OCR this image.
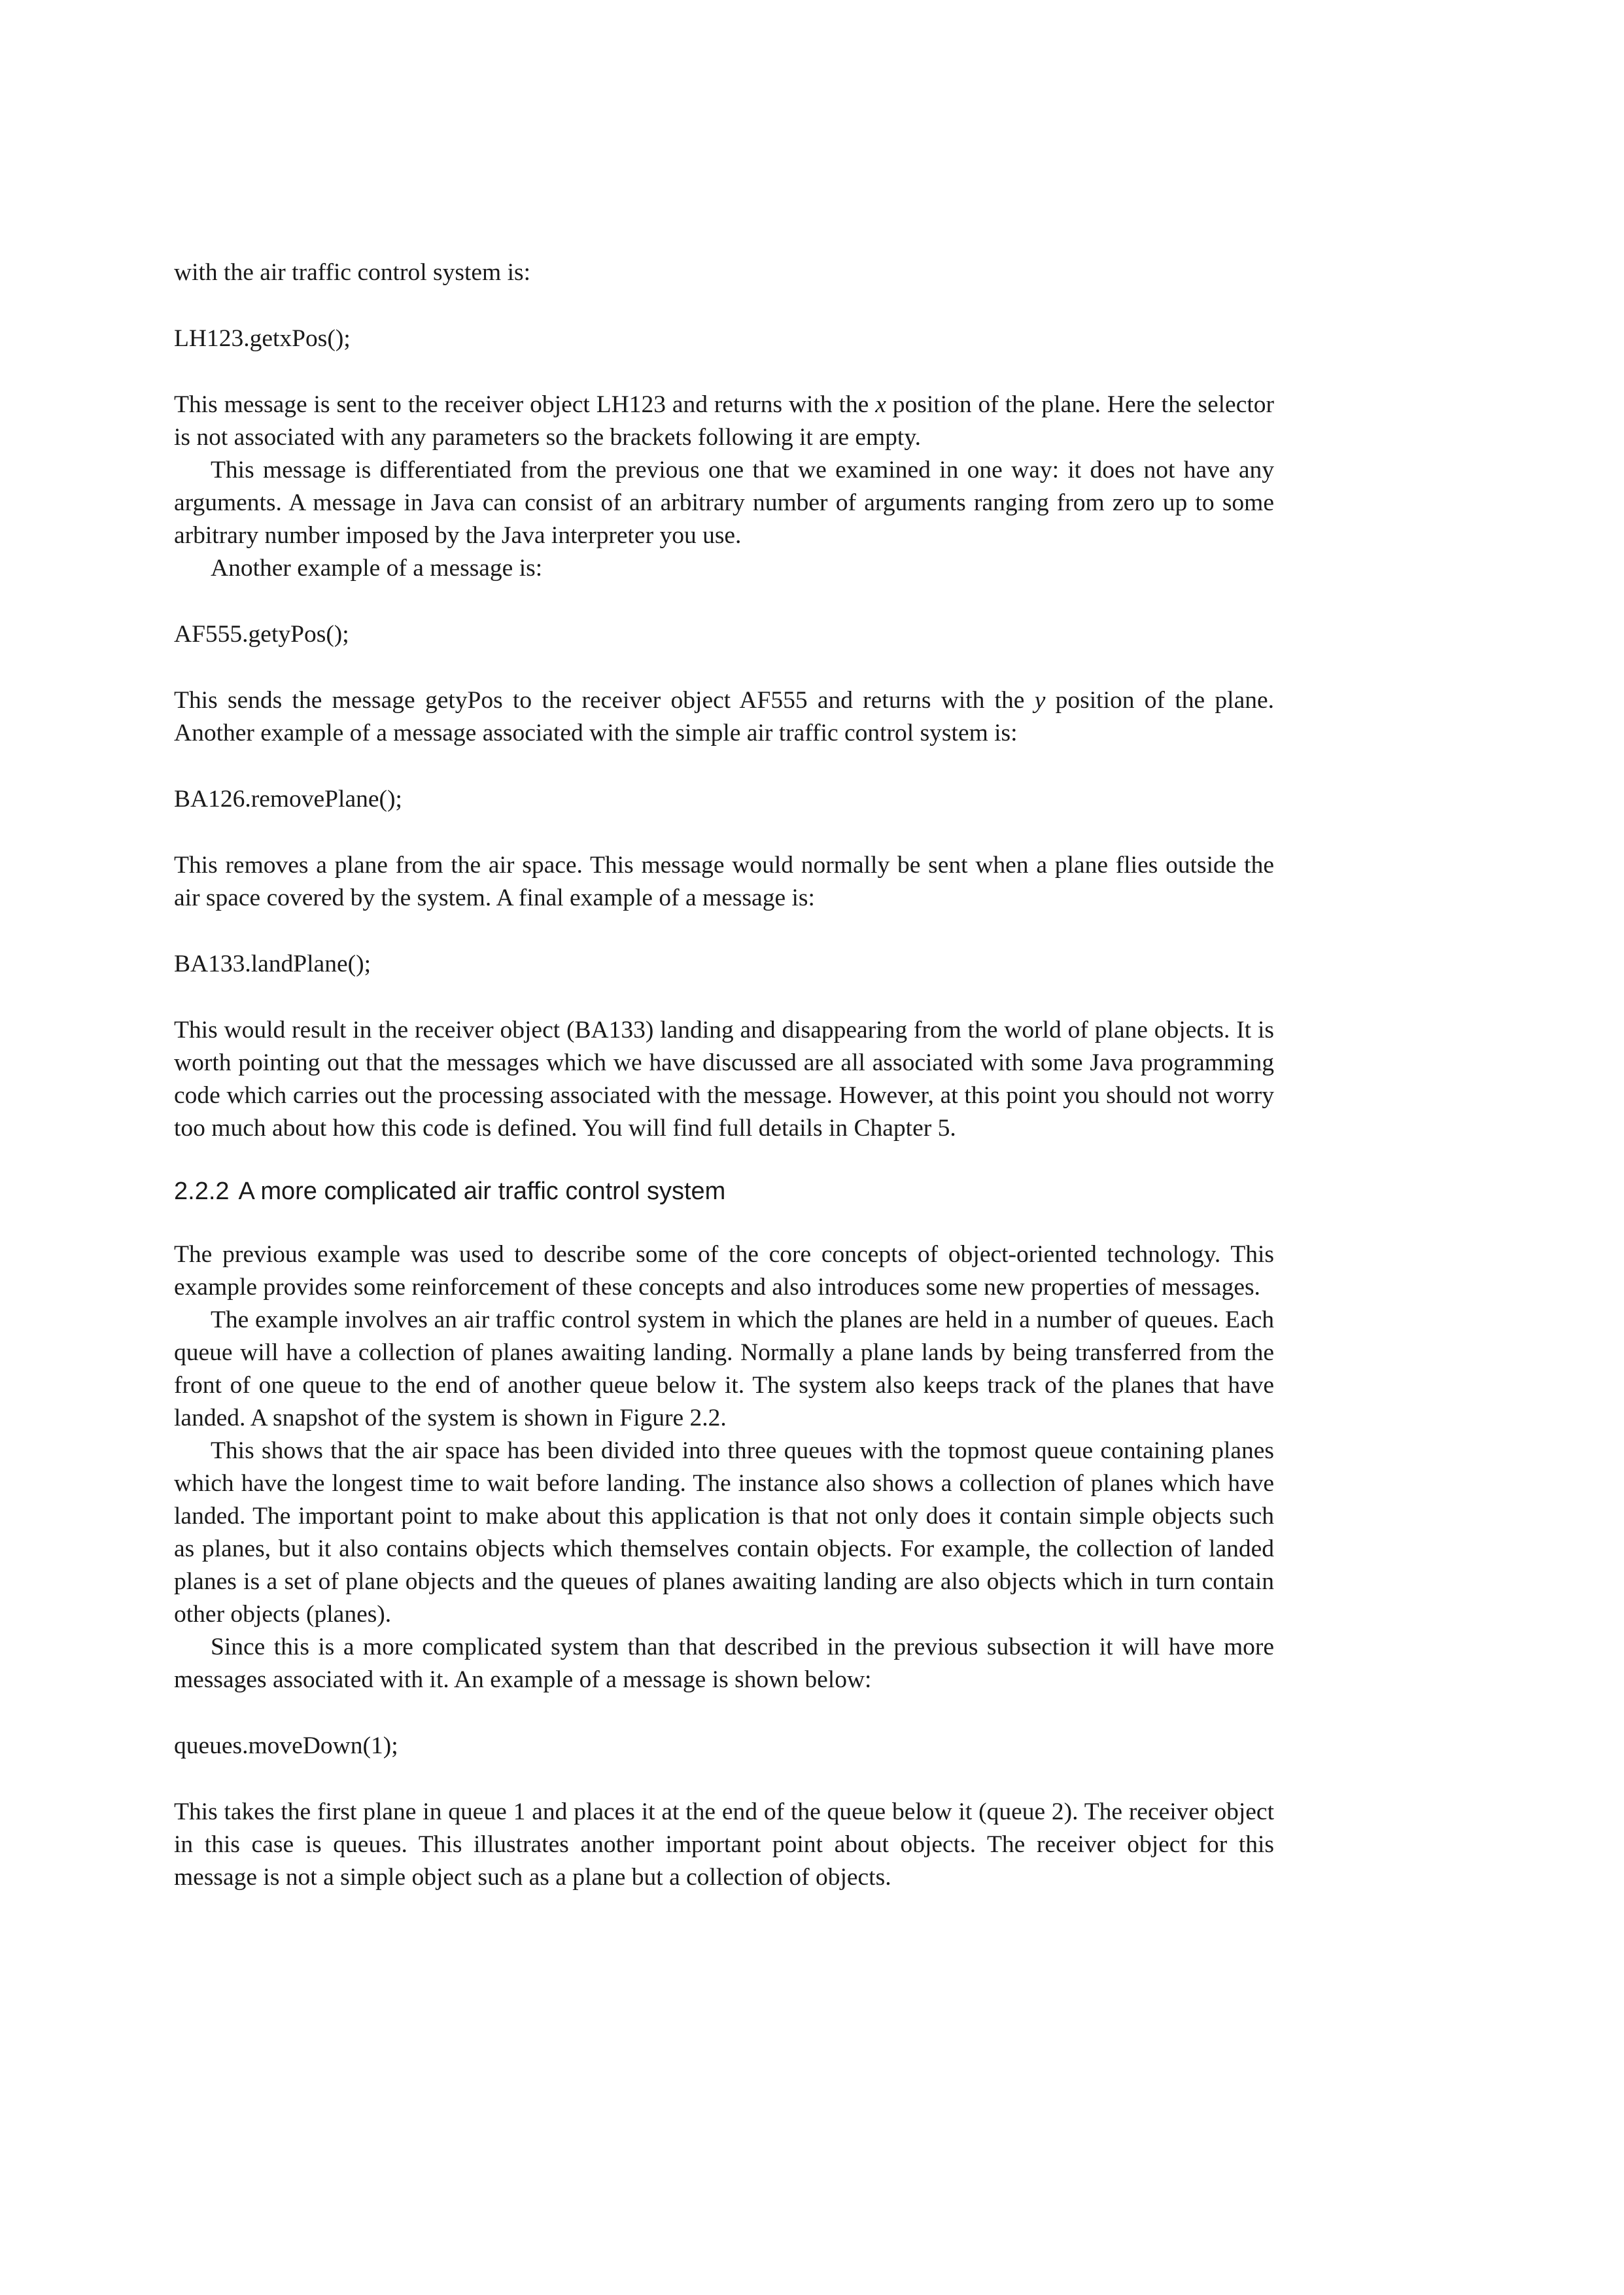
with the air traffic control system is:

LH123.getxPos();

This message is sent to the receiver object LH123 and returns with the x position of the plane. Here the selector is not associated with any parameters so the brackets following it are empty.

This message is differentiated from the previous one that we examined in one way: it does not have any arguments. A message in Java can consist of an arbitrary number of arguments ranging from zero up to some arbitrary number imposed by the Java interpreter you use.

Another example of a message is:

AF555.getyPos();

This sends the message getyPos to the receiver object AF555 and returns with the y position of the plane. Another example of a message associated with the simple air traffic control system is:

BA126.removePlane();

This removes a plane from the air space. This message would normally be sent when a plane flies outside the air space covered by the system. A final example of a message is:

BA133.landPlane();

This would result in the receiver object (BA133) landing and disappearing from the world of plane objects. It is worth pointing out that the messages which we have discussed are all associated with some Java programming code which carries out the processing associated with the message. However, at this point you should not worry too much about how this code is defined. You will find full details in Chapter 5.

2.2.2 A more complicated air traffic control system

The previous example was used to describe some of the core concepts of object-oriented technology. This example provides some reinforcement of these concepts and also introduces some new properties of messages.

The example involves an air traffic control system in which the planes are held in a number of queues. Each queue will have a collection of planes awaiting landing. Normally a plane lands by being transferred from the front of one queue to the end of another queue below it. The system also keeps track of the planes that have landed. A snapshot of the system is shown in Figure 2.2.

This shows that the air space has been divided into three queues with the topmost queue containing planes which have the longest time to wait before landing. The instance also shows a collection of planes which have landed. The important point to make about this application is that not only does it contain simple objects such as planes, but it also contains objects which themselves contain objects. For example, the collection of landed planes is a set of plane objects and the queues of planes awaiting landing are also objects which in turn contain other objects (planes).

Since this is a more complicated system than that described in the previous subsection it will have more messages associated with it. An example of a message is shown below:

queues.moveDown(1);

This takes the first plane in queue 1 and places it at the end of the queue below it (queue 2). The receiver object in this case is queues. This illustrates another important point about objects. The receiver object for this message is not a simple object such as a plane but a collection of objects.
